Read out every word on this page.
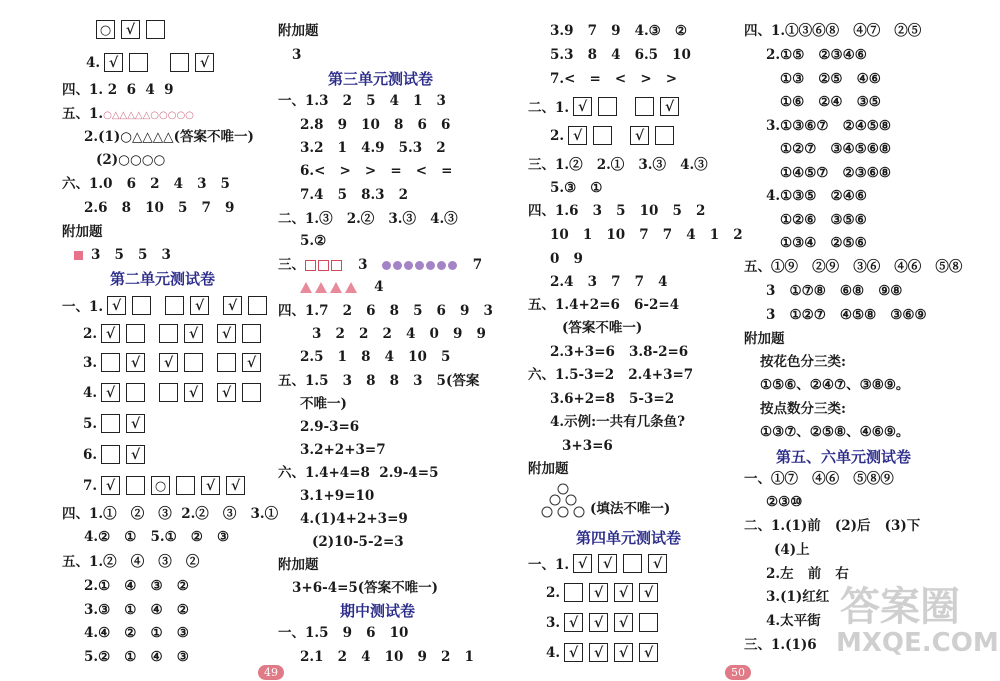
○
√
4.
√
√
四、1. 2  6  4  9
五、1.○△△△△△○○○○○
2.(1)○△△△△(答案不唯一)
(2)○○○○
六、1.0   6   2   4   3   5
2.6   8   10   5   7   9
附加题
3   5   5   3
第二单元测试卷
一、1.
√
√
√
2.
√
√
√
3.
√
√
√
4.
√
√
√
5.
√
6.
√
7.
√
○
√
√
四、1.①   ②   ③  2.②   ③   3.①
4.②   ①   5.①   ②   ③
五、1.②   ④   ③   ②
2.①   ④   ③   ②
3.③   ①   ④   ②
4.④   ②   ①   ③
5.②   ①   ④   ③
附加题
3
第三单元测试卷
一、1.3   2   5   4   1   3
2.8   9   10   8   6   6
3.2   1   4.9   5.3   2
6.<   >   >   =   <   =
7.4   5   8.3   2
二、1.③   2.②   3.③   4.③
5.②
三、	3	7
4
四、1.7   2   6   8   5   6   9   3
3   2   2   2   4   0   9   9
2.5   1   8   4   10   5
五、1.5   3   8   8   3   5(答案
不唯一)
2.9-3=6
3.2+2+3=7
六、1.4+4=8  2.9-4=5
3.1+9=10
4.(1)4+2+3=9
(2)10-5-2=3
附加题
3+6-4=5(答案不唯一)
期中测试卷
一、1.5   9   6   10
2.1   2   4   10   9   2   1
49
3.9   7   9   4.③   ②
5.3   8   4   6.5   10
7.<   =   <   >   >
二、1.
√
√
2.
√
√
三、1.②   2.①   3.③   4.③
5.③   ①
四、1.6   3   5   10   5   2
10   1   10   7   7   4   1   2
0   9
2.4   3   7   7   4
五、1.4+2=6   6-2=4
(答案不唯一)
2.3+3=6   3.8-2=6
六、1.5-3=2   2.4+3=7
3.6+2=8   5-3=2
4.示例:一共有几条鱼?
3+3=6
附加题
(填法不唯一)
第四单元测试卷
一、1.
√
√
√
2.
√
√
√
3.
√
√
√
4.
√
√
√
√
50
四、1.①③⑥⑧   ④⑦   ②⑤
2.①⑤   ②③④⑥
①③   ②⑤   ④⑥
①⑥   ②④   ③⑤
3.①③⑥⑦   ②④⑤⑧
①②⑦   ③④⑤⑥⑧
①④⑤⑦   ②③⑥⑧
4.①③⑤   ②④⑥
①②⑥   ③⑤⑥
①③④   ②⑤⑥
五、①⑨   ②⑨   ③⑥   ④⑥   ⑤⑧
3   ①⑦⑧   ⑥⑧   ⑨⑧
3   ①②⑦   ④⑤⑧   ③⑥⑨
附加题
按花色分三类:
①⑤⑥、②④⑦、③⑧⑨。
按点数分三类:
①③⑦、②⑤⑧、④⑥⑨。
第五、六单元测试卷
一、①⑦   ④⑥   ⑤⑧⑨
②③⑩
二、1.(1)前   (2)后   (3)下
(4)上
2.左   前   右
3.(1)红红
4.太平街
三、1.(1)6
答案圈
MXQE.COM
